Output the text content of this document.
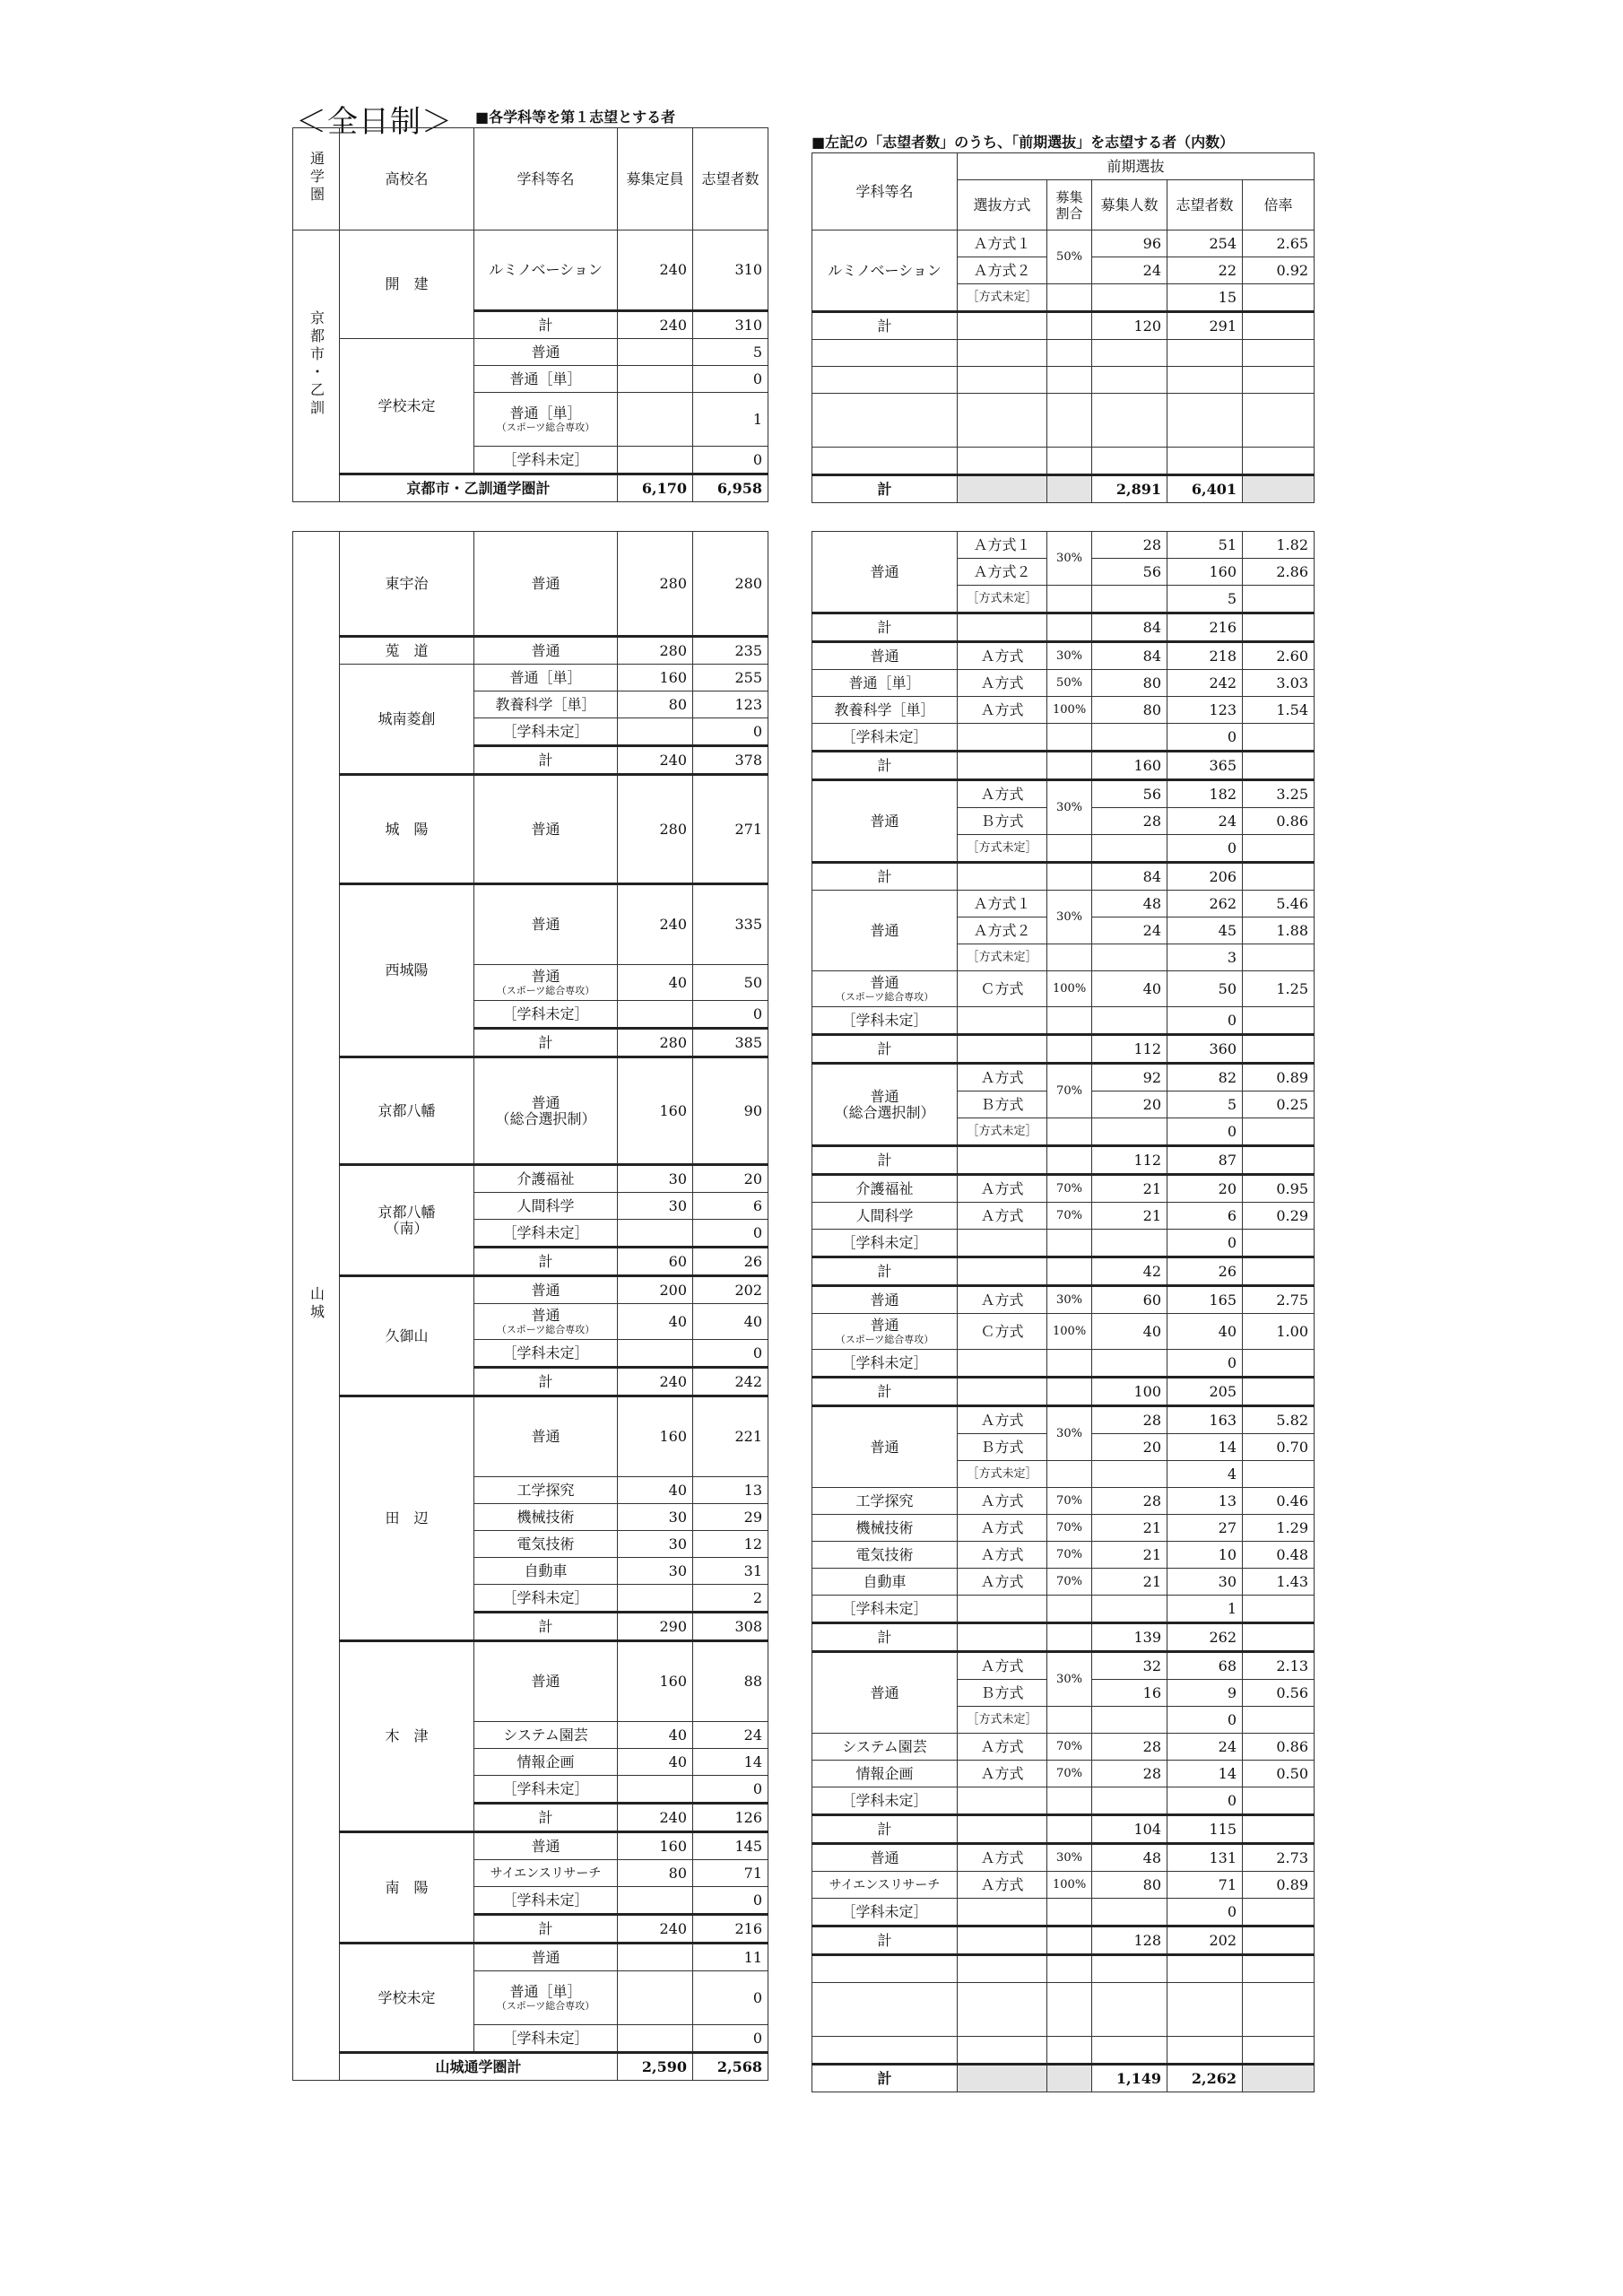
＜全日制＞ ■各学科等を第１志望とする者
■左記の「志望者数」のうち、「前期選抜」を志望する者（内数）
通学圏	高校名	学科等名	募集定員	志望者数
京都市・乙訓	開　建	ルミノベーション	240	310
		計	240	310
	学校未定	普通		5
		普通［単］		0
		普通［単］
（スポーツ総合専攻）		1
		［学科未定］		0
	京都市・乙訓通学圏計		6,170	6,958
学科等名	前期選抜				
	選抜方式	募集割合	募集人数	志望者数	倍率
ルミノベーション	Ａ方式１	50%	96	254	2.65
	Ａ方式２		24	22	0.92
	［方式未定］			15	
計			120	291	

計			2,891	6,401	
山城	東宇治	普通	280	280
	莵　道	普通	280	235
	城南菱創	普通［単］	160	255
		教養科学［単］	80	123
		［学科未定］		0
		計	240	378
	城　陽	普通	280	271
	西城陽	普通	240	335
		普通
（スポーツ総合専攻）	40	50
		［学科未定］		0
		計	280	385
	京都八幡	普通
（総合選択制）	160	90
	京都八幡
（南）	介護福祉	30	20
		人間科学	30	6
		［学科未定］		0
		計	60	26
	久御山	普通	200	202
		普通
（スポーツ総合専攻）	40	40
		［学科未定］		0
		計	240	242
	田　辺	普通	160	221
		工学探究	40	13
		機械技術	30	29
		電気技術	30	12
		自動車	30	31
		［学科未定］		2
		計	290	308
	木　津	普通	160	88
		システム園芸	40	24
		情報企画	40	14
		［学科未定］		0
		計	240	126
	南　陽	普通	160	145
		サイエンスリサーチ	80	71
		［学科未定］		0
		計	240	216
	学校未定	普通		11
		普通［単］
（スポーツ総合専攻）		0
		［学科未定］		0
	山城通学圏計		2,590	2,568
普通	Ａ方式１	30%	28	51	1.82
	Ａ方式２		56	160	2.86
	［方式未定］			5	
計			84	216	
普通	Ａ方式	30%	84	218	2.60
普通［単］	Ａ方式	50%	80	242	3.03
教養科学［単］	Ａ方式	100%	80	123	1.54
［学科未定］				0	
計			160	365	
普通	Ａ方式	30%	56	182	3.25
	Ｂ方式		28	24	0.86
	［方式未定］			0	
計			84	206	
普通	Ａ方式１	30%	48	262	5.46
	Ａ方式２		24	45	1.88
	［方式未定］			3	
普通
（スポーツ総合専攻）	Ｃ方式	100%	40	50	1.25
［学科未定］				0	
計			112	360	
普通
（総合選択制）	Ａ方式	70%	92	82	0.89
	Ｂ方式		20	5	0.25
	［方式未定］			0	
計			112	87	
介護福祉	Ａ方式	70%	21	20	0.95
人間科学	Ａ方式	70%	21	6	0.29
［学科未定］				0	
計			42	26	
普通	Ａ方式	30%	60	165	2.75
普通
（スポーツ総合専攻）	Ｃ方式	100%	40	40	1.00
［学科未定］				0	
計			100	205	
普通	Ａ方式	30%	28	163	5.82
	Ｂ方式		20	14	0.70
	［方式未定］			4	
工学探究	Ａ方式	70%	28	13	0.46
機械技術	Ａ方式	70%	21	27	1.29
電気技術	Ａ方式	70%	21	10	0.48
自動車	Ａ方式	70%	21	30	1.43
［学科未定］				1	
計			139	262	
普通	Ａ方式	30%	32	68	2.13
	Ｂ方式		16	9	0.56
	［方式未定］			0	
システム園芸	Ａ方式	70%	28	24	0.86
情報企画	Ａ方式	70%	28	14	0.50
［学科未定］				0	
計			104	115	
普通	Ａ方式	30%	48	131	2.73
サイエンスリサーチ	Ａ方式	100%	80	71	0.89
［学科未定］				0	
計			128	202	

計			1,149	2,262	
